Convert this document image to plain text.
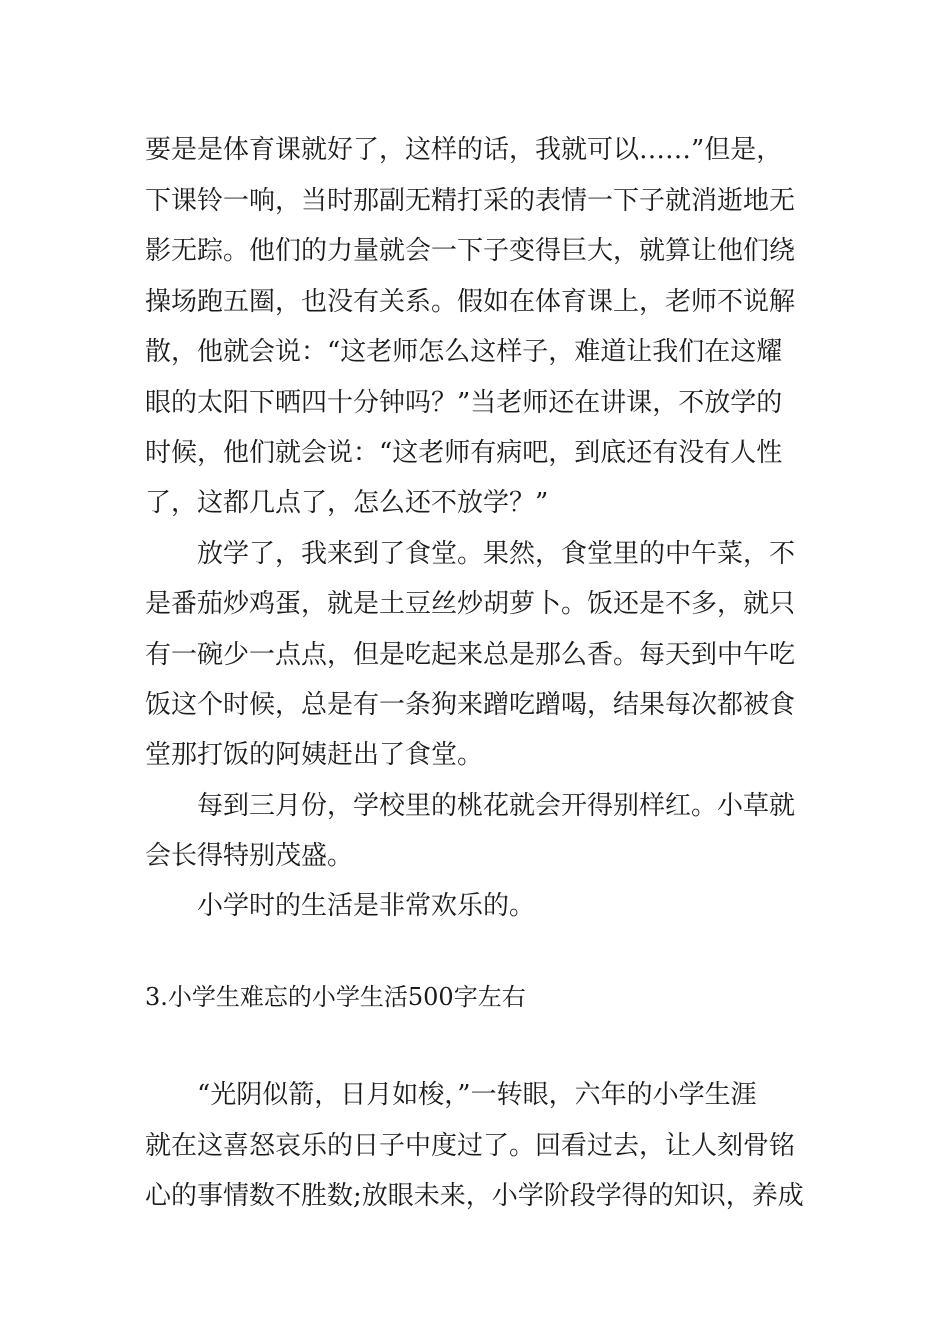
要是是体育课就好了，这样的话，我就可以……”但是，
下课铃一响，当时那副无精打采的表情一下子就消逝地无
影无踪。他们的力量就会一下子变得巨大，就算让他们绕
操场跑五圈，也没有关系。假如在体育课上，老师不说解
散，他就会说：“这老师怎么这样子，难道让我们在这耀
眼的太阳下晒四十分钟吗？”当老师还在讲课，不放学的
时候，他们就会说：“这老师有病吧，到底还有没有人性
了，这都几点了，怎么还不放学？”
放学了，我来到了食堂。果然，食堂里的中午菜，不
是番茄炒鸡蛋，就是土豆丝炒胡萝卜。饭还是不多，就只
有一碗少一点点，但是吃起来总是那么香。每天到中午吃
饭这个时候，总是有一条狗来蹭吃蹭喝，结果每次都被食
堂那打饭的阿姨赶出了食堂。
每到三月份，学校里的桃花就会开得别样红。小草就
会长得特别茂盛。
小学时的生活是非常欢乐的。
3.小学生难忘的小学生活500字左右
“光阴似箭，日月如梭，”一转眼，六年的小学生涯
就在这喜怒哀乐的日子中度过了。回看过去，让人刻骨铭
心的事情数不胜数;放眼未来，小学阶段学得的知识，养成
